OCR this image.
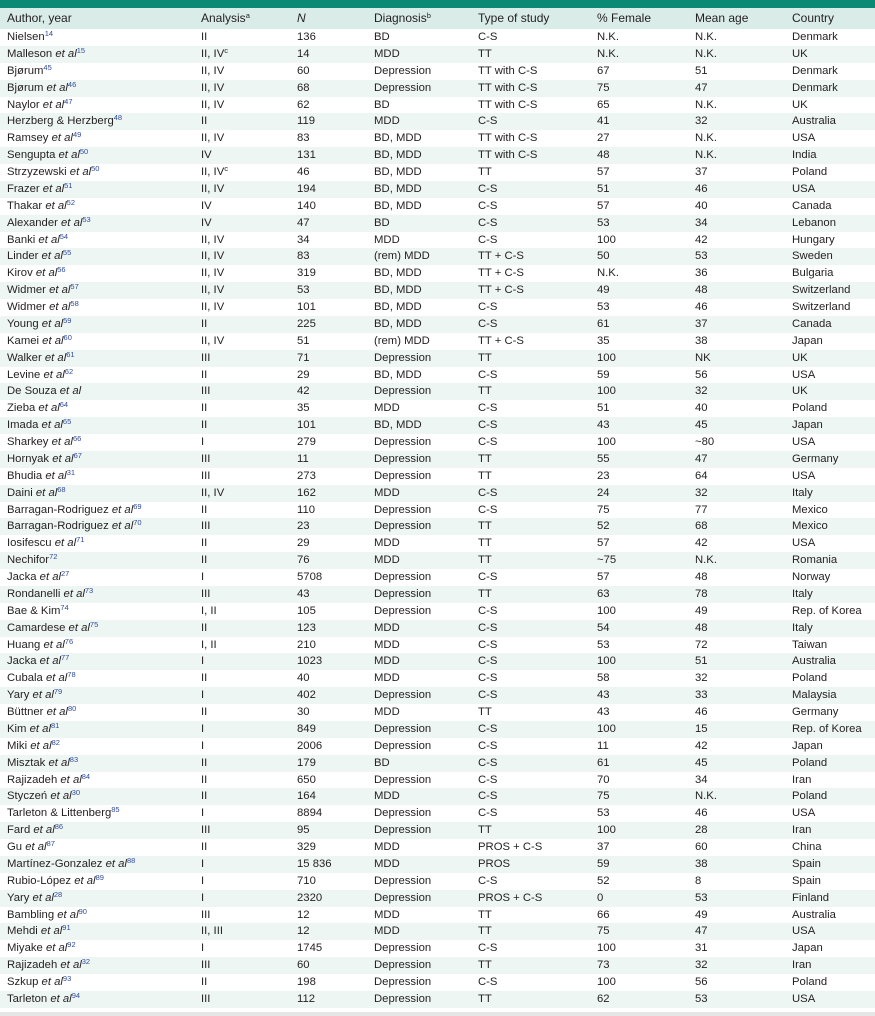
Author, year	Analysis$^a$	N	Diagnosis$^b$	Type of study	% Female	Mean age	Country
Nielsen$^{14}$	II	136	BD	C-S	N.K.	N.K.	Denmark
Malleson et al$^{15}$	II, $IV^c$	14	MDD	TT	N.K.	N.K.	UK
Bjørum$^{45}$	II, IV	60	Depression	TT with C-S	67	51	Denmark
Bjørum et al$^{46}$	II, IV	68	Depression	TT with C-S	75	47	Denmark
Naylor et al$^{47}$	II, IV	62	BD	TT with C-S	65	N.K.	UK
Herzberg & Herzberg$^{48}$	II	119	MDD	C-S	41	32	Australia
Ramsey et al$^{49}$	II, IV	83	BD, MDD	TT with C-S	27	N.K.	USA
Sengupta et al$^{50}$	IV	131	BD, MDD	TT with C-S	48	N.K.	India
Strzyzewski et al$^{50}$	II, $IV^c$	46	BD, MDD	TT	57	37	Poland
Frazer et al$^{51}$	II, IV	194	BD, MDD	C-S	51	46	USA
Thakar et al$^{52}$	IV	140	BD, MDD	C-S	57	40	Canada
Alexander et al$^{53}$	IV	47	BD	C-S	53	34	Lebanon
Banki et al$^{54}$	II, IV	34	MDD	C-S	100	42	Hungary
Linder et al$^{55}$	II, IV	83	(rem) MDD	TT + C-S	50	53	Sweden
Kirov et al$^{56}$	II, IV	319	BD, MDD	TT + C-S	N.K.	36	Bulgaria
Widmer et al$^{57}$	II, IV	53	BD, MDD	TT + C-S	49	48	Switzerland
Widmer et al$^{58}$	II, IV	101	BD, MDD	C-S	53	46	Switzerland
Young et al$^{59}$	II	225	BD, MDD	C-S	61	37	Canada
Kamei et al$^{60}$	II, IV	51	(rem) MDD	TT + C-S	35	38	Japan
Walker et al$^{61}$	III	71	Depression	TT	100	NK	UK
Levine et al$^{62}$	II	29	BD, MDD	C-S	59	56	USA
De Souza et al	III	42	Depression	TT	100	32	UK
Zieba et al$^{64}$	II	35	MDD	C-S	51	40	Poland
Imada et al$^{65}$	II	101	BD, MDD	C-S	43	45	Japan
Sharkey et al$^{66}$	I	279	Depression	C-S	100	~80	USA
Hornyak et al$^{67}$	III	11	Depression	TT	55	47	Germany
Bhudia et al$^{31}$	III	273	Depression	TT	23	64	USA
Daini et al$^{68}$	II, IV	162	MDD	C-S	24	32	Italy
Barragan-Rodriguez et al$^{69}$	II	110	Depression	C-S	75	77	Mexico
Barragan-Rodriguez et al$^{70}$	III	23	Depression	TT	52	68	Mexico
Iosifescu et al$^{71}$	II	29	MDD	TT	57	42	USA
Nechifor$^{72}$	II	76	MDD	TT	~75	N.K.	Romania
Jacka et al$^{27}$	I	5708	Depression	C-S	57	48	Norway
Rondanelli et al$^{73}$	III	43	Depression	TT	63	78	Italy
Bae & Kim$^{74}$	I, II	105	Depression	C-S	100	49	Rep. of Korea
Camardese et al$^{75}$	II	123	MDD	C-S	54	48	Italy
Huang et al$^{76}$	I, II	210	MDD	C-S	53	72	Taiwan
Jacka et al$^{77}$	I	1023	MDD	C-S	100	51	Australia
Cubala et al$^{78}$	II	40	MDD	C-S	58	32	Poland
Yary et al$^{79}$	I	402	Depression	C-S	43	33	Malaysia
Büttner et al$^{80}$	II	30	MDD	TT	43	46	Germany
Kim et al$^{81}$	I	849	Depression	C-S	100	15	Rep. of Korea
Miki et al$^{82}$	I	2006	Depression	C-S	11	42	Japan
Misztak et al$^{83}$	II	179	BD	C-S	61	45	Poland
Rajizadeh et al$^{84}$	II	650	Depression	C-S	70	34	Iran
Styczeń et al$^{30}$	II	164	MDD	C-S	75	N.K.	Poland
Tarleton & Littenberg$^{85}$	I	8894	Depression	C-S	53	46	USA
Fard et al$^{86}$	III	95	Depression	TT	100	28	Iran
Gu et al$^{87}$	II	329	MDD	PROS + C-S	37	60	China
Martínez-Gonzalez et al$^{88}$	I	15 836	MDD	PROS	59	38	Spain
Rubio-López et al$^{89}$	I	710	Depression	C-S	52	8	Spain
Yary et al$^{28}$	I	2320	Depression	PROS + C-S	0	53	Finland
Bambling et al$^{90}$	III	12	MDD	TT	66	49	Australia
Mehdi et al$^{91}$	II, III	12	MDD	TT	75	47	USA
Miyake et al$^{92}$	I	1745	Depression	C-S	100	31	Japan
Rajizadeh et al$^{32}$	III	60	Depression	TT	73	32	Iran
Szkup et al$^{93}$	II	198	Depression	C-S	100	56	Poland
Tarleton et al$^{94}$	III	112	Depression	TT	62	53	USA
